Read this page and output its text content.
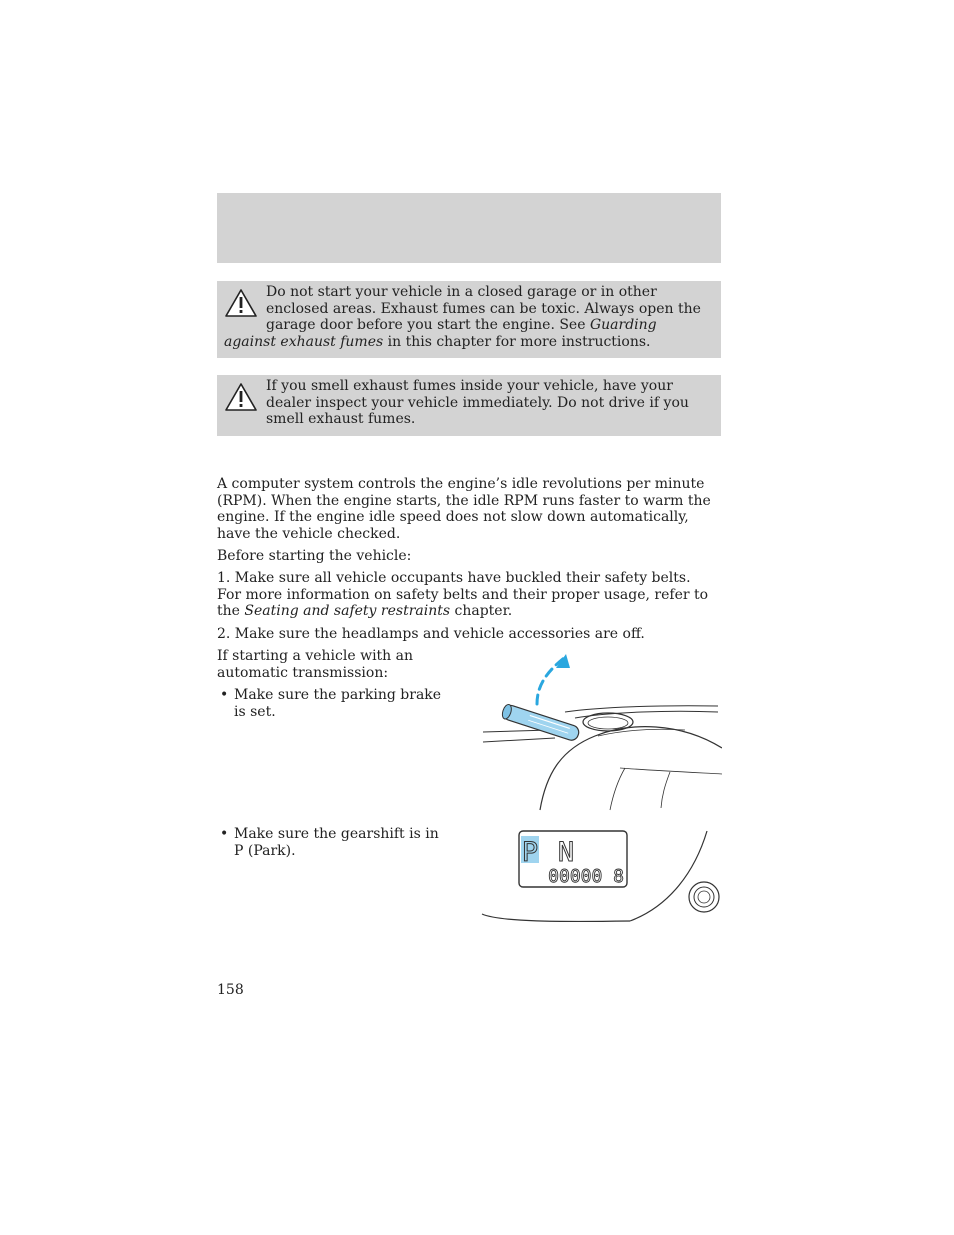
Do not start your vehicle in a closed garage or in other enclosed areas. Exhaust fumes can be toxic. Always open the garage door before you start the engine. See Guarding against exhaust fumes in this chapter for more instructions.
If you smell exhaust fumes inside your vehicle, have your dealer inspect your vehicle immediately. Do not drive if you smell exhaust fumes.

A computer system controls the engine’s idle revolutions per minute (RPM). When the engine starts, the idle RPM runs faster to warm the engine. If the engine idle speed does not slow down automatically, have the vehicle checked.

Before starting the vehicle:

1. Make sure all vehicle occupants have buckled their safety belts. For more information on safety belts and their proper usage, refer to the Seating and safety restraints chapter.

2. Make sure the headlamps and vehicle accessories are off.

If starting a vehicle with an automatic transmission:

• Make sure the parking brake is set.
• Make sure the gearshift is in P (Park).	P N
00000 8
158
